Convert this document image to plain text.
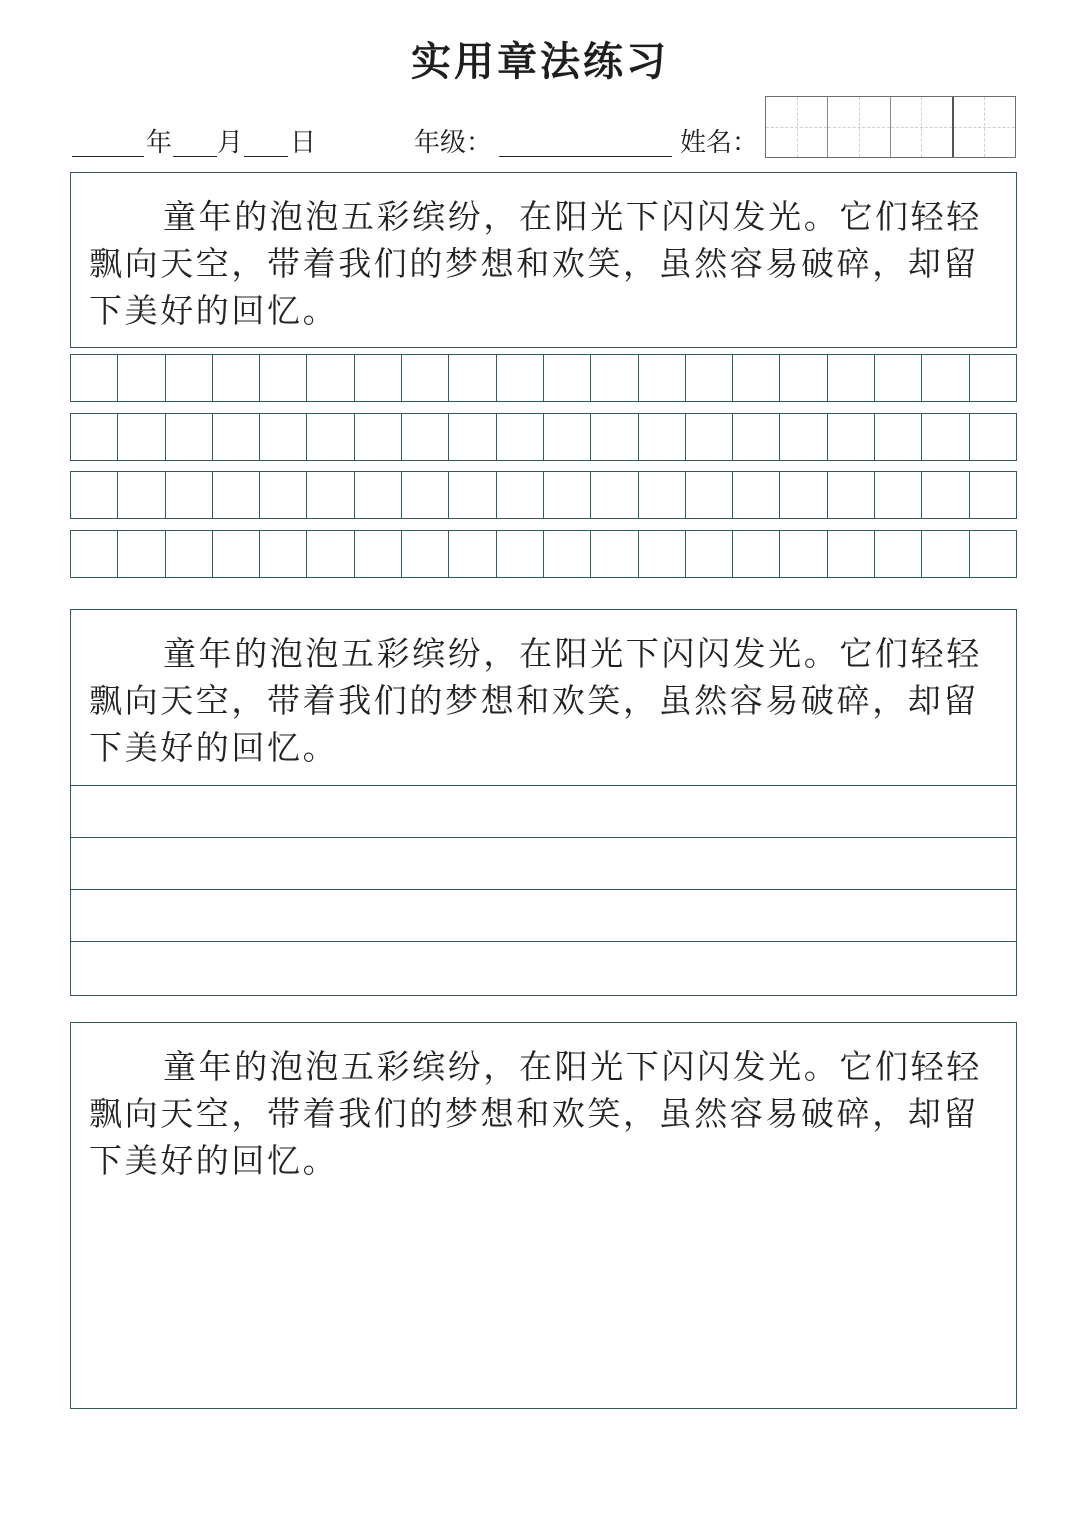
实用章法练习
年 月 日	年级：	姓名：
童年的泡泡五彩缤纷，在阳光下闪闪发光。它们轻轻飘向天空，带着我们的梦想和欢笑，虽然容易破碎，却留下美好的回忆。
童年的泡泡五彩缤纷，在阳光下闪闪发光。它们轻轻飘向天空，带着我们的梦想和欢笑，虽然容易破碎，却留下美好的回忆。
童年的泡泡五彩缤纷，在阳光下闪闪发光。它们轻轻飘向天空，带着我们的梦想和欢笑，虽然容易破碎，却留下美好的回忆。
